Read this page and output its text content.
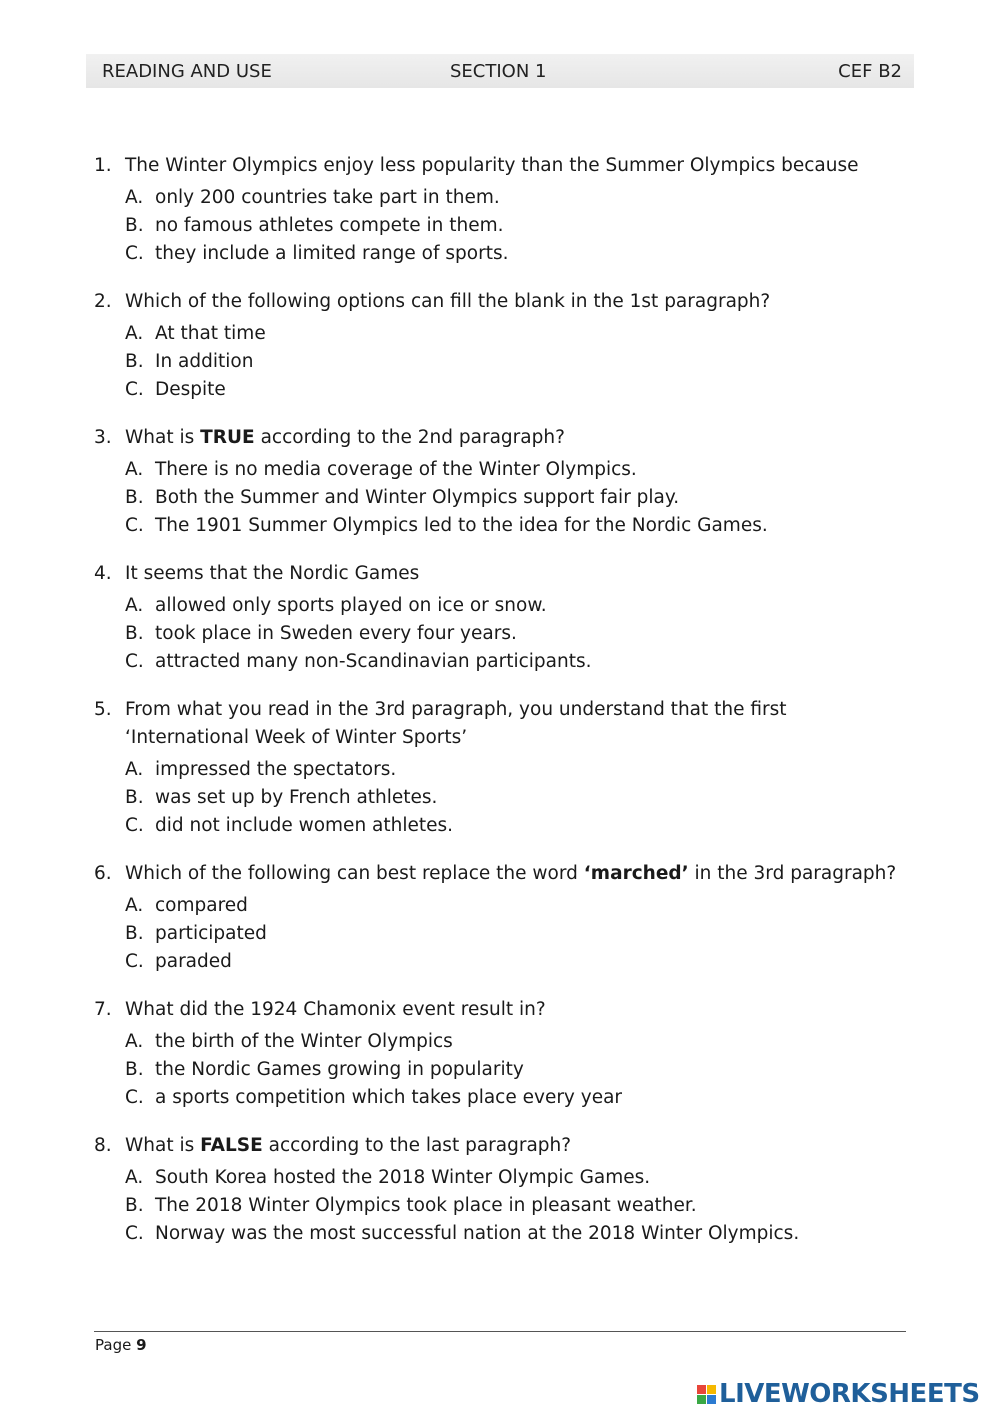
READING AND USE	SECTION 1	CEF B2
1. The Winter Olympics enjoy less popularity than the Summer Olympics because
A. only 200 countries take part in them.
B. no famous athletes compete in them.
C. they include a limited range of sports.
2. Which of the following options can fill the blank in the 1st paragraph?
A. At that time
B. In addition
C. Despite
3. What is TRUE according to the 2nd paragraph?
A. There is no media coverage of the Winter Olympics.
B. Both the Summer and Winter Olympics support fair play.
C. The 1901 Summer Olympics led to the idea for the Nordic Games.
4. It seems that the Nordic Games
A. allowed only sports played on ice or snow.
B. took place in Sweden every four years.
C. attracted many non-Scandinavian participants.
5. From what you read in the 3rd paragraph, you understand that the first ‘International Week of Winter Sports’
A. impressed the spectators.
B. was set up by French athletes.
C. did not include women athletes.
6. Which of the following can best replace the word ‘marched’ in the 3rd paragraph?
A. compared
B. participated
C. paraded
7. What did the 1924 Chamonix event result in?
A. the birth of the Winter Olympics
B. the Nordic Games growing in popularity
C. a sports competition which takes place every year
8. What is FALSE according to the last paragraph?
A. South Korea hosted the 2018 Winter Olympic Games.
B. The 2018 Winter Olympics took place in pleasant weather.
C. Norway was the most successful nation at the 2018 Winter Olympics.
Page 9
LIVEWORKSHEETS
